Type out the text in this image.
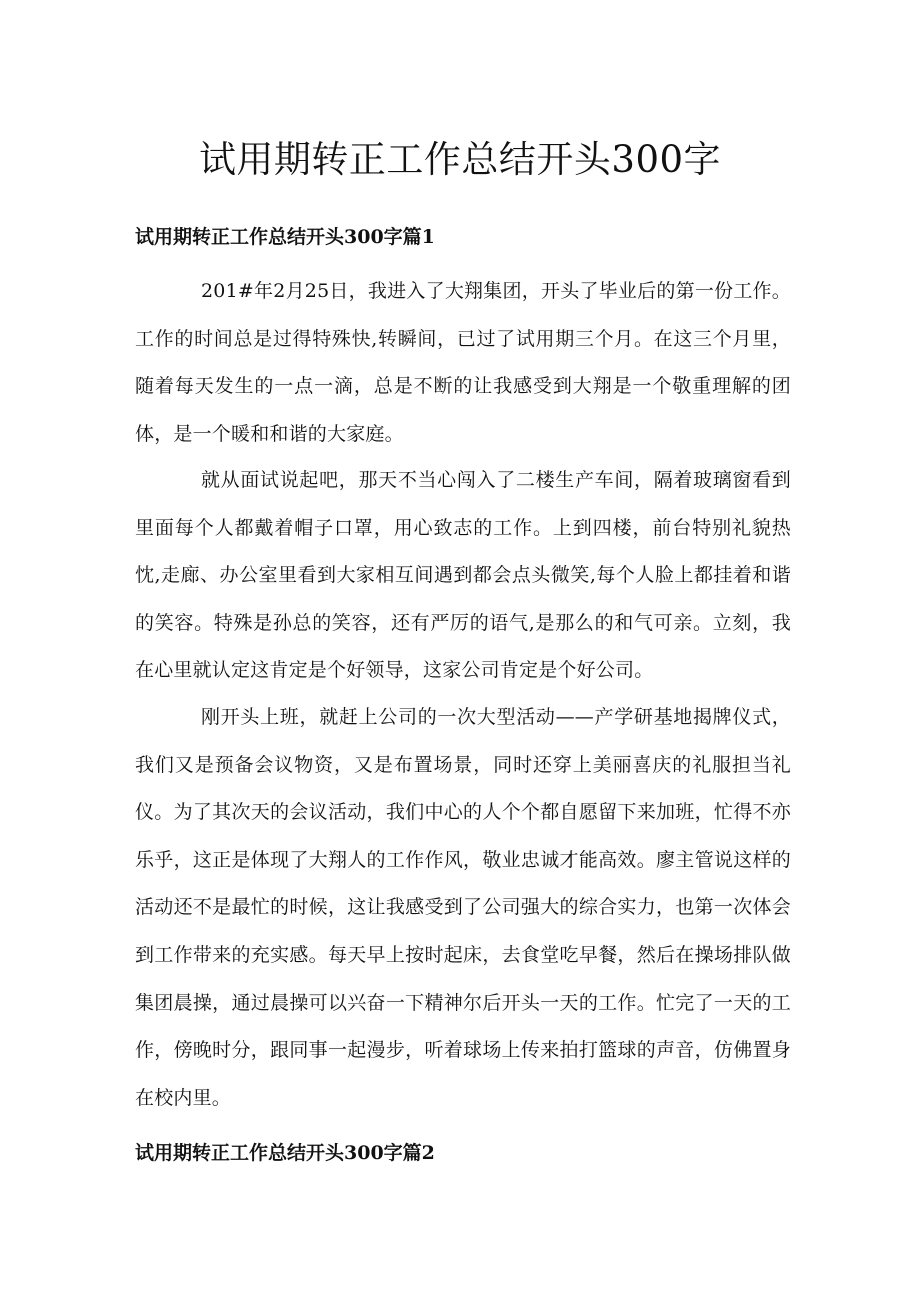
试用期转正工作总结开头300字
试用期转正工作总结开头300字篇1

201#年2月25日，我进入了大翔集团，开头了毕业后的第一份工作。工作的时间总是过得特殊快,转瞬间，已过了试用期三个月。在这三个月里，随着每天发生的一点一滴，总是不断的让我感受到大翔是一个敬重理解的团体，是一个暖和和谐的大家庭。

就从面试说起吧，那天不当心闯入了二楼生产车间，隔着玻璃窗看到里面每个人都戴着帽子口罩，用心致志的工作。上到四楼，前台特别礼貌热忱,走廊、办公室里看到大家相互间遇到都会点头微笑,每个人脸上都挂着和谐的笑容。特殊是孙总的笑容，还有严厉的语气,是那么的和气可亲。立刻，我在心里就认定这肯定是个好领导，这家公司肯定是个好公司。

刚开头上班，就赶上公司的一次大型活动——产学研基地揭牌仪式，我们又是预备会议物资，又是布置场景，同时还穿上美丽喜庆的礼服担当礼仪。为了其次天的会议活动，我们中心的人个个都自愿留下来加班，忙得不亦乐乎，这正是体现了大翔人的工作作风，敬业忠诚才能高效。廖主管说这样的活动还不是最忙的时候，这让我感受到了公司强大的综合实力，也第一次体会到工作带来的充实感。每天早上按时起床，去食堂吃早餐，然后在操场排队做集团晨操，通过晨操可以兴奋一下精神尔后开头一天的工作。忙完了一天的工作，傍晚时分，跟同事一起漫步，听着球场上传来拍打篮球的声音，仿佛置身在校内里。

试用期转正工作总结开头300字篇2
